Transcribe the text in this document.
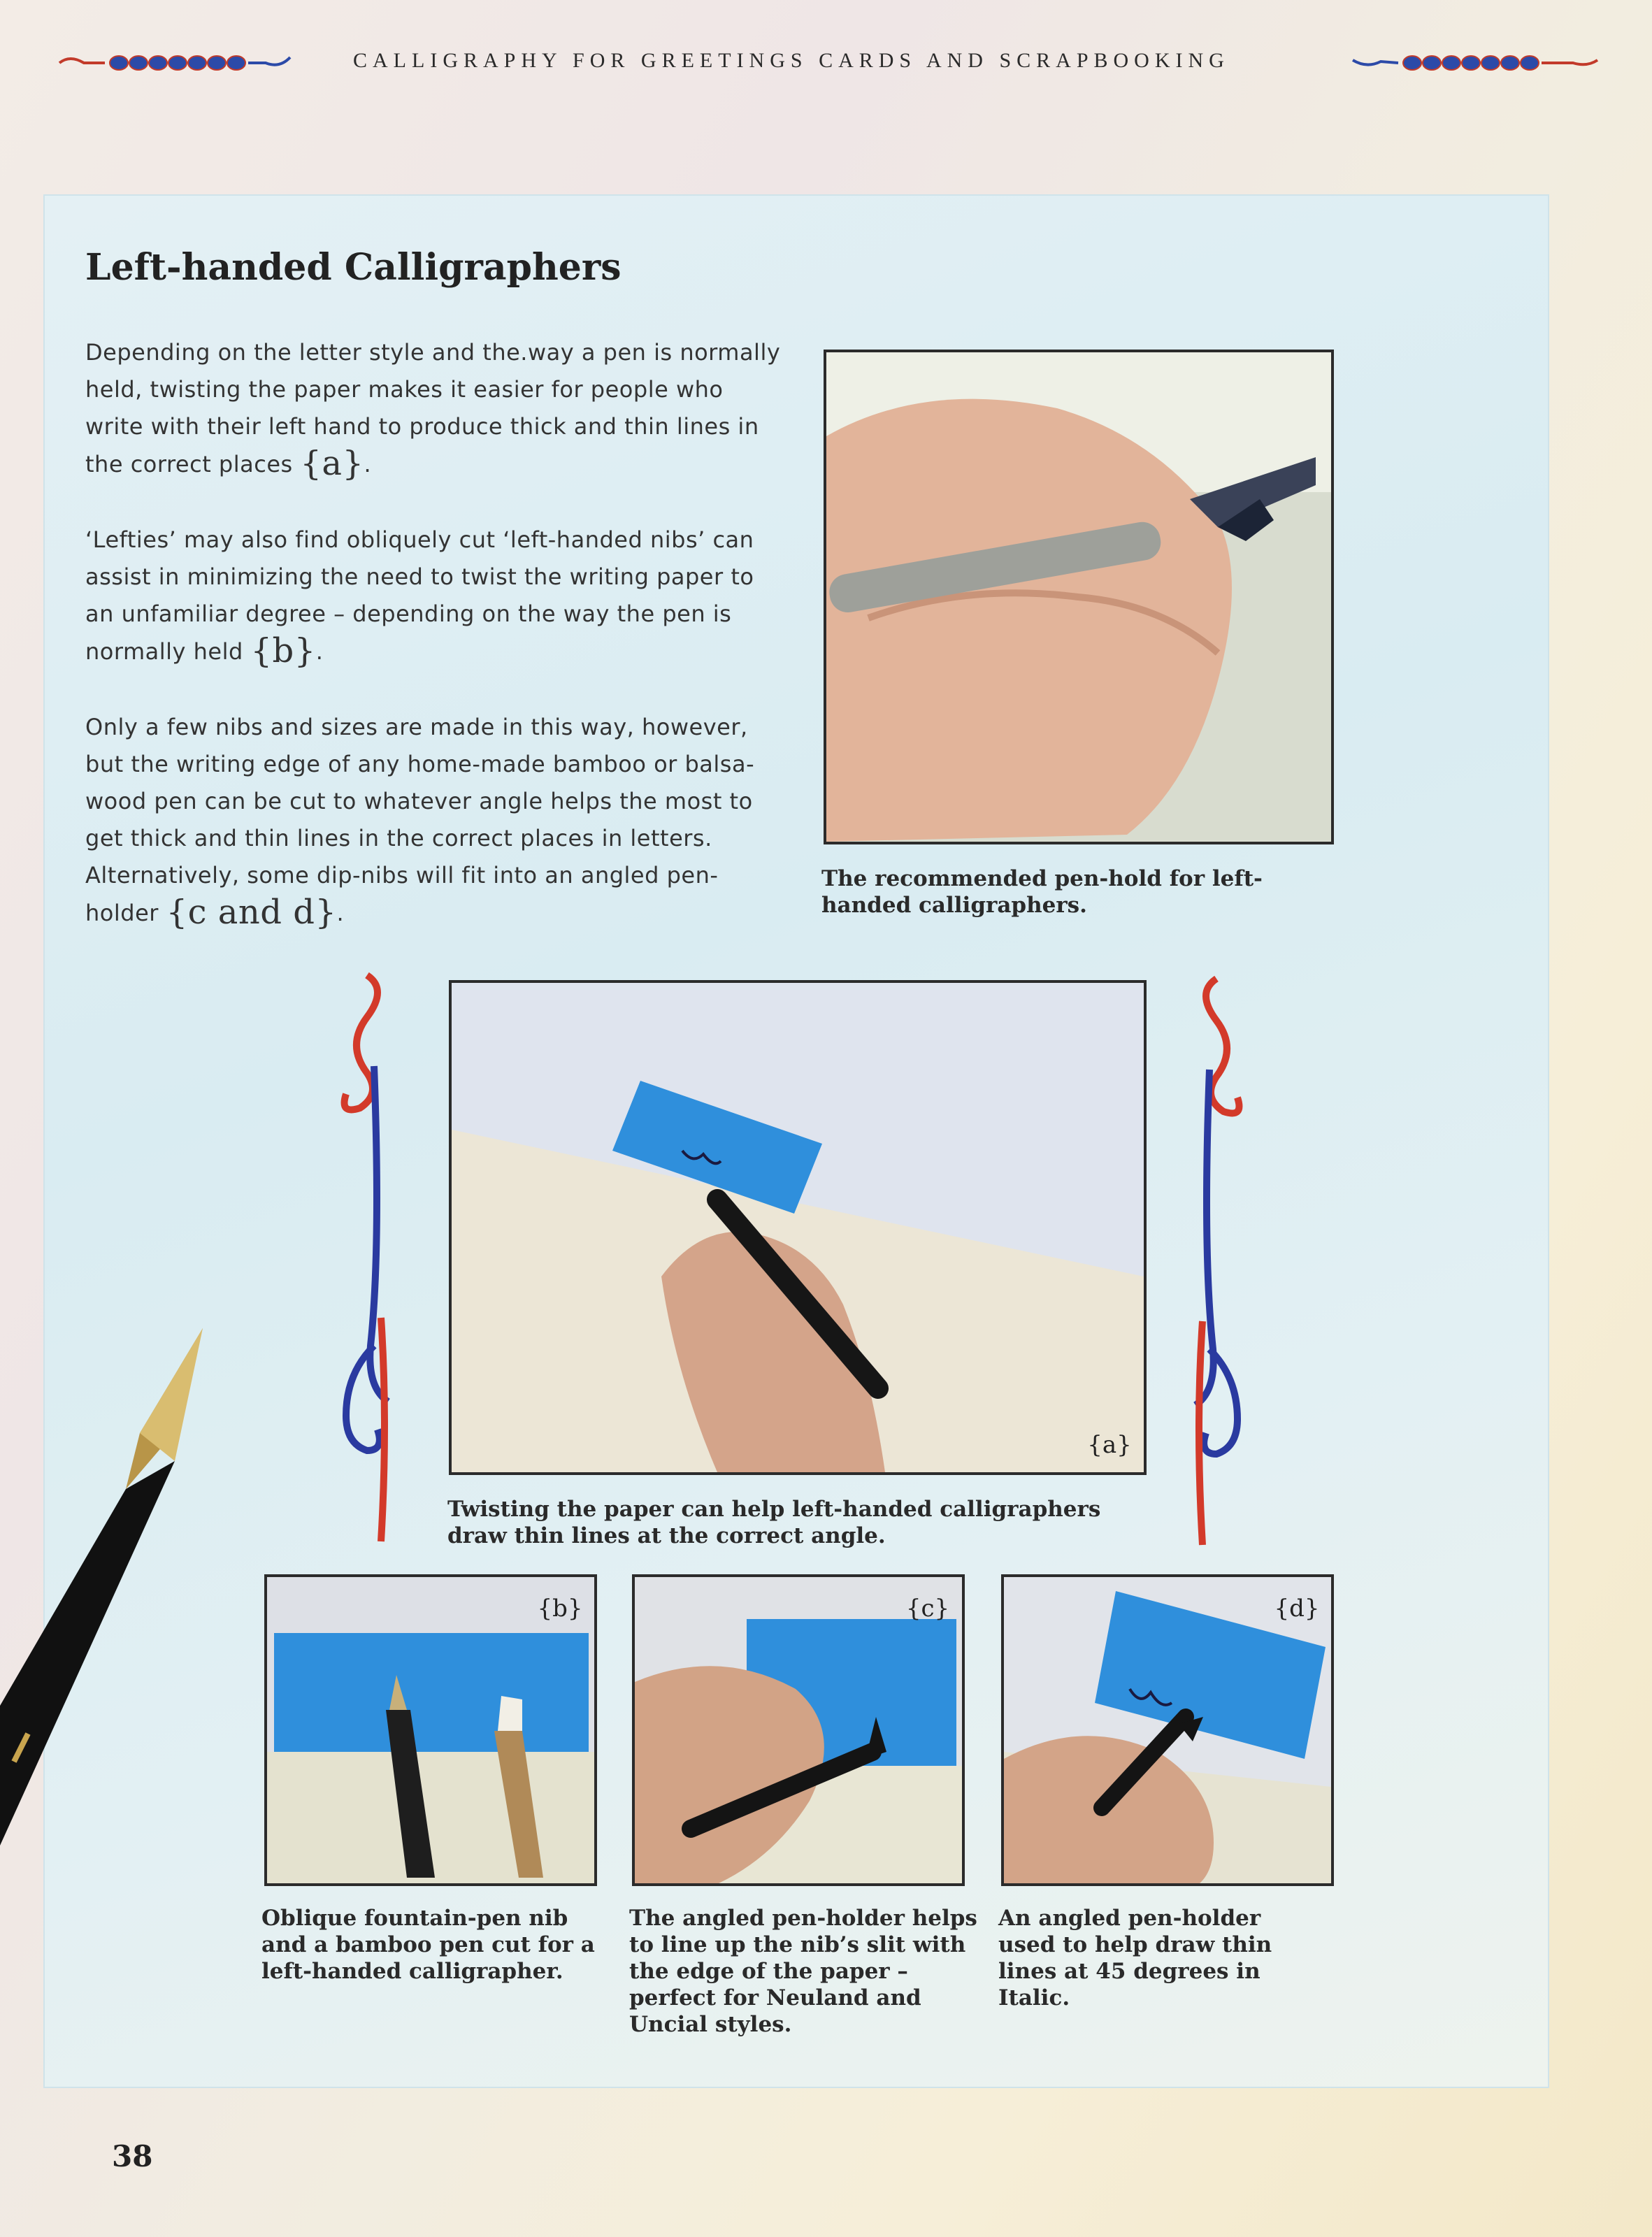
CALLIGRAPHY FOR GREETINGS CARDS AND SCRAPBOOKING
Left-handed Calligraphers
Depending on the letter style and the.way a pen is normally held, twisting the paper makes it easier for people who write with their left hand to produce thick and thin lines in the correct places {a}.
‘Lefties’ may also find obliquely cut ‘left-handed nibs’ can assist in minimizing the need to twist the writing paper to an unfamiliar degree – depending on the way the pen is normally held {b}.
Only a few nibs and sizes are made in this way, however, but the writing edge of any home-made bamboo or balsa-wood pen can be cut to whatever angle helps the most to get thick and thin lines in the correct places in letters. Alternatively, some dip-nibs will fit into an angled pen-holder {c and d}.
The recommended pen-hold for left-handed calligraphers.
{a}
Twisting the paper can help left-handed calligraphers draw thin lines at the correct angle.
{b}
Oblique fountain-pen nib and a bamboo pen cut for a left-handed calligrapher.
{c}
The angled pen-holder helps to line up the nib’s slit with the edge of the paper – perfect for Neuland and Uncial styles.
{d}
An angled pen-holder used to help draw thin lines at 45 degrees in Italic.
38
